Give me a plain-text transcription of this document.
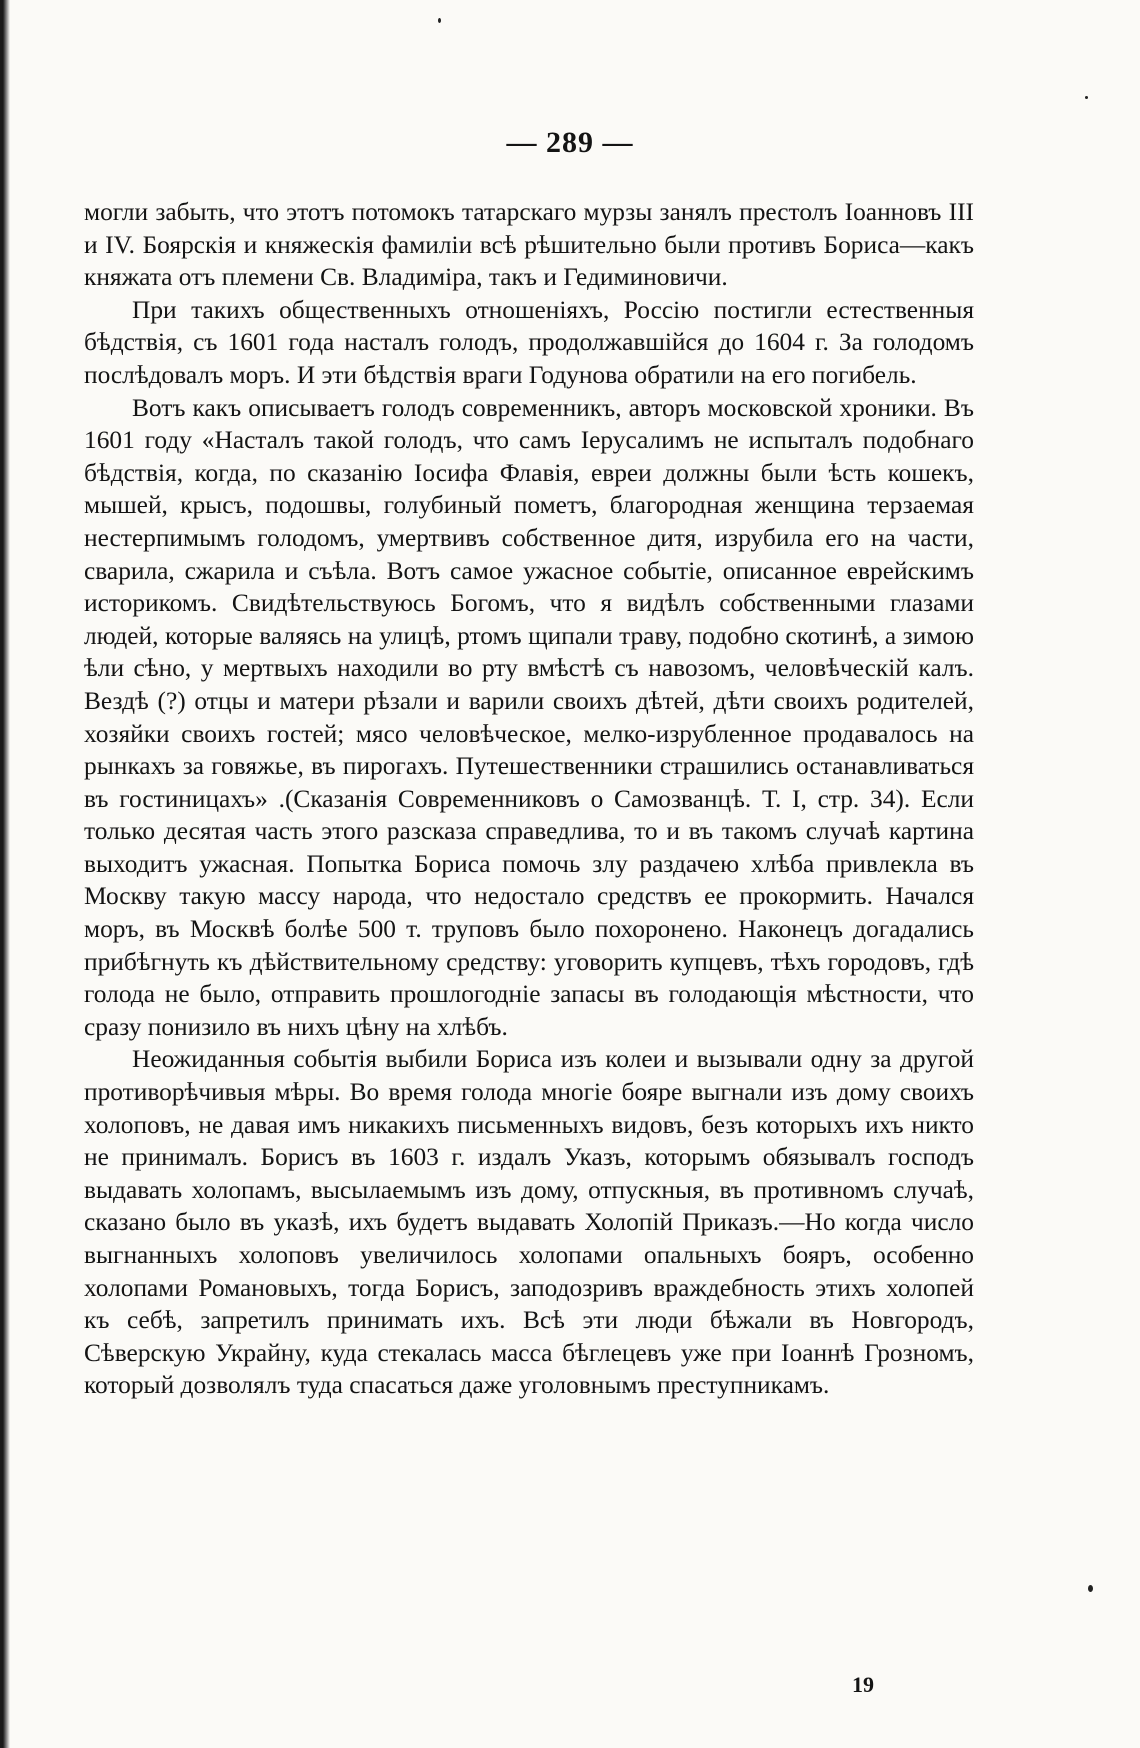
— 289 —

могли забыть, что этотъ потомокъ татарскаго мурзы занялъ престолъ Іоанновъ III и IV. Боярскія и княжескія фамиліи всѣ рѣшительно были противъ Бориса—какъ княжата отъ племени Св. Владиміра, такъ и Гедиминовичи.

При такихъ общественныхъ отношеніяхъ, Россію постигли естественныя бѣдствія, съ 1601 года насталъ голодъ, продолжавшійся до 1604 г. За голодомъ послѣдовалъ моръ. И эти бѣдствія враги Годунова обратили на его погибель.

Вотъ какъ описываетъ голодъ современникъ, авторъ московской хроники. Въ 1601 году «Насталъ такой голодъ, что самъ Іерусалимъ не испыталъ подобнаго бѣдствія, когда, по сказанію Іосифа Флавія, евреи должны были ѣсть кошекъ, мышей, крысъ, подошвы, голубиный пометъ, благородная женщина терзаемая нестерпимымъ голодомъ, умертвивъ собственное дитя, изрубила его на части, сварила, сжарила и съѣла. Вотъ самое ужасное событіе, описанное еврейскимъ историкомъ. Свидѣтельствуюсь Богомъ, что я видѣлъ собственными глазами людей, которые валяясь на улицѣ, ртомъ щипали траву, подобно скотинѣ, а зимою ѣли сѣно, у мертвыхъ находили во рту вмѣстѣ съ навозомъ, человѣческій калъ. Вездѣ (?) отцы и матери рѣзали и варили своихъ дѣтей, дѣти своихъ родителей, хозяйки своихъ гостей; мясо человѣческое, мелко-изрубленное продавалось на рынкахъ за говяжье, въ пирогахъ. Путешественники страшились останавливаться въ гостиницахъ» .(Сказанія Современниковъ о Самозванцѣ. Т. I, стр. 34). Если только десятая часть этого разсказа справедлива, то и въ такомъ случаѣ картина выходитъ ужасная. Попытка Бориса помочь злу раздачею хлѣба привлекла въ Москву такую массу народа, что недостало средствъ ее прокормить. Начался моръ, въ Москвѣ болѣе 500 т. труповъ было похоронено. Наконецъ догадались прибѣгнуть къ дѣйствительному средству: уговорить купцевъ, тѣхъ городовъ, гдѣ голода не было, отправить прошлогодніе запасы въ голодающія мѣстности, что сразу понизило въ нихъ цѣну на хлѣбъ.

Неожиданныя событія выбили Бориса изъ колеи и вызывали одну за другой противорѣчивыя мѣры. Во время голода многіе бояре выгнали изъ дому своихъ холоповъ, не давая имъ никакихъ письменныхъ видовъ, безъ которыхъ ихъ никто не принималъ. Борисъ въ 1603 г. издалъ Указъ, которымъ обязывалъ господъ выдавать холопамъ, высылаемымъ изъ дому, отпускныя, въ противномъ случаѣ, сказано было въ указѣ, ихъ будетъ выдавать Холопій Приказъ.—Но когда число выгнанныхъ холоповъ увеличилось холопами опальныхъ бояръ, особенно холопами Романовыхъ, тогда Борисъ, заподозривъ враждебность этихъ холопей къ себѣ, запретилъ принимать ихъ. Всѣ эти люди бѣжали въ Новгородъ, Сѣверскую Украйну, куда стекалась масса бѣглецевъ уже при Іоаннѣ Грозномъ, который дозволялъ туда спасаться даже уголовнымъ преступникамъ.

19
